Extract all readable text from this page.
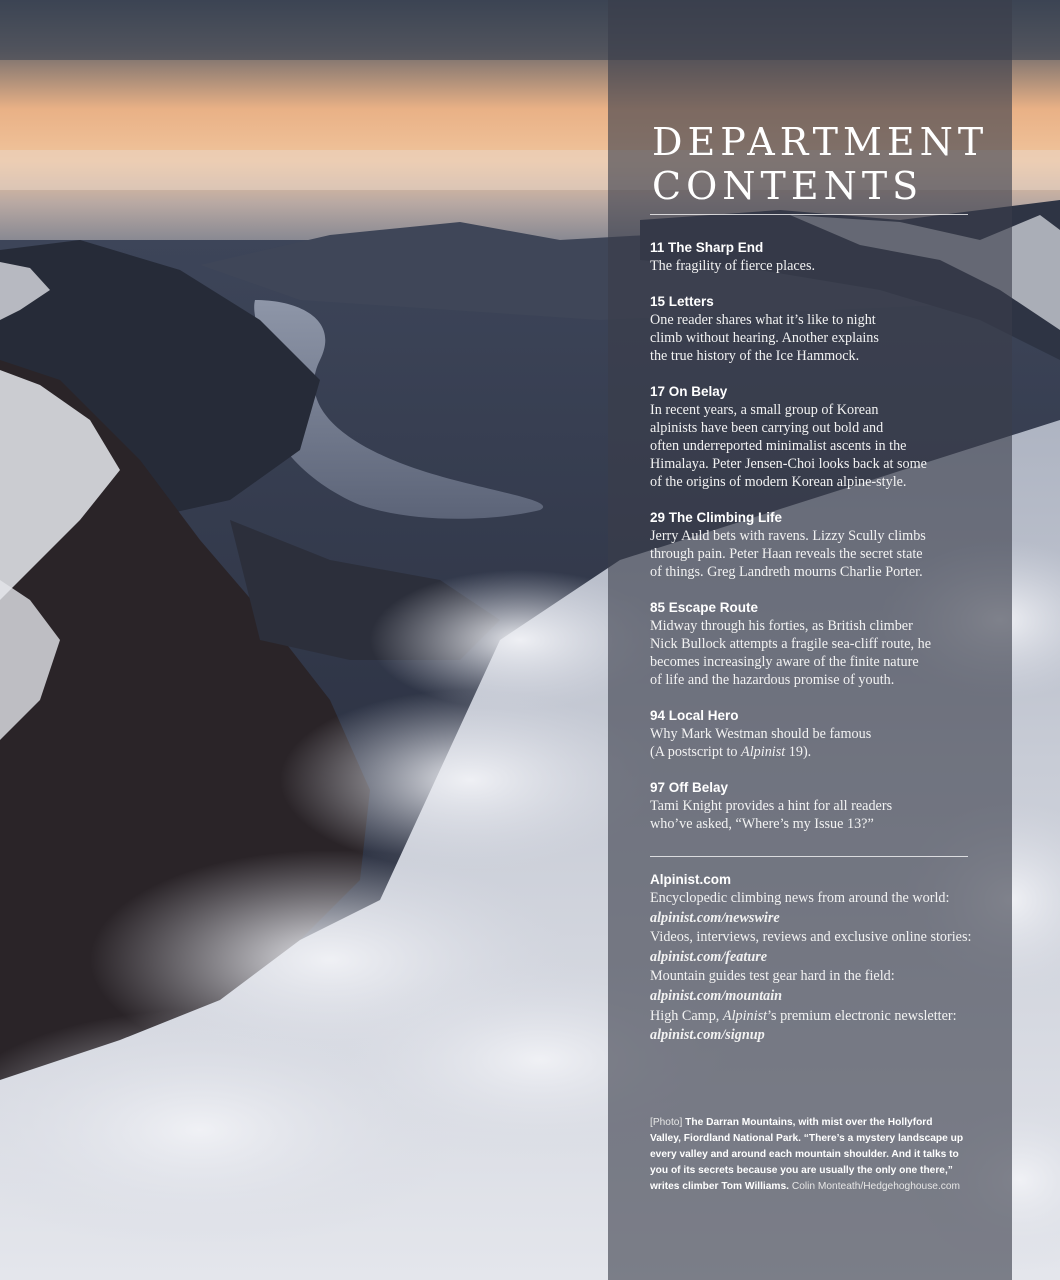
DEPARTMENT
CONTENTS

11 The Sharp End

The fragility of fierce places.

15 Letters

One reader shares what it’s like to night
climb without hearing. Another explains
the true history of the Ice Hammock.

17 On Belay

In recent years, a small group of Korean
alpinists have been carrying out bold and
often underreported minimalist ascents in the
Himalaya. Peter Jensen-Choi looks back at some
of the origins of modern Korean alpine-style.

29 The Climbing Life

Jerry Auld bets with ravens. Lizzy Scully climbs
through pain. Peter Haan reveals the secret state
of things. Greg Landreth mourns Charlie Porter.

85 Escape Route

Midway through his forties, as British climber
Nick Bullock attempts a fragile sea-cliff route, he
becomes increasingly aware of the finite nature
of life and the hazardous promise of youth.

94 Local Hero

Why Mark Westman should be famous
(A postscript to Alpinist 19).

97 Off Belay

Tami Knight provides a hint for all readers
who’ve asked, “Where’s my Issue 13?”

Alpinist.com

Encyclopedic climbing news from around the world:
alpinist.com/newswire
Videos, interviews, reviews and exclusive online stories:
alpinist.com/feature
Mountain guides test gear hard in the field:
alpinist.com/mountain
High Camp, Alpinist’s premium electronic newsletter:
alpinist.com/signup

[Photo] The Darran Mountains, with mist over the Hollyford
Valley, Fiordland National Park. “There’s a mystery landscape up
every valley and around each mountain shoulder. And it talks to
you of its secrets because you are usually the only one there,”
writes climber Tom Williams. Colin Monteath/Hedgehoghouse.com
